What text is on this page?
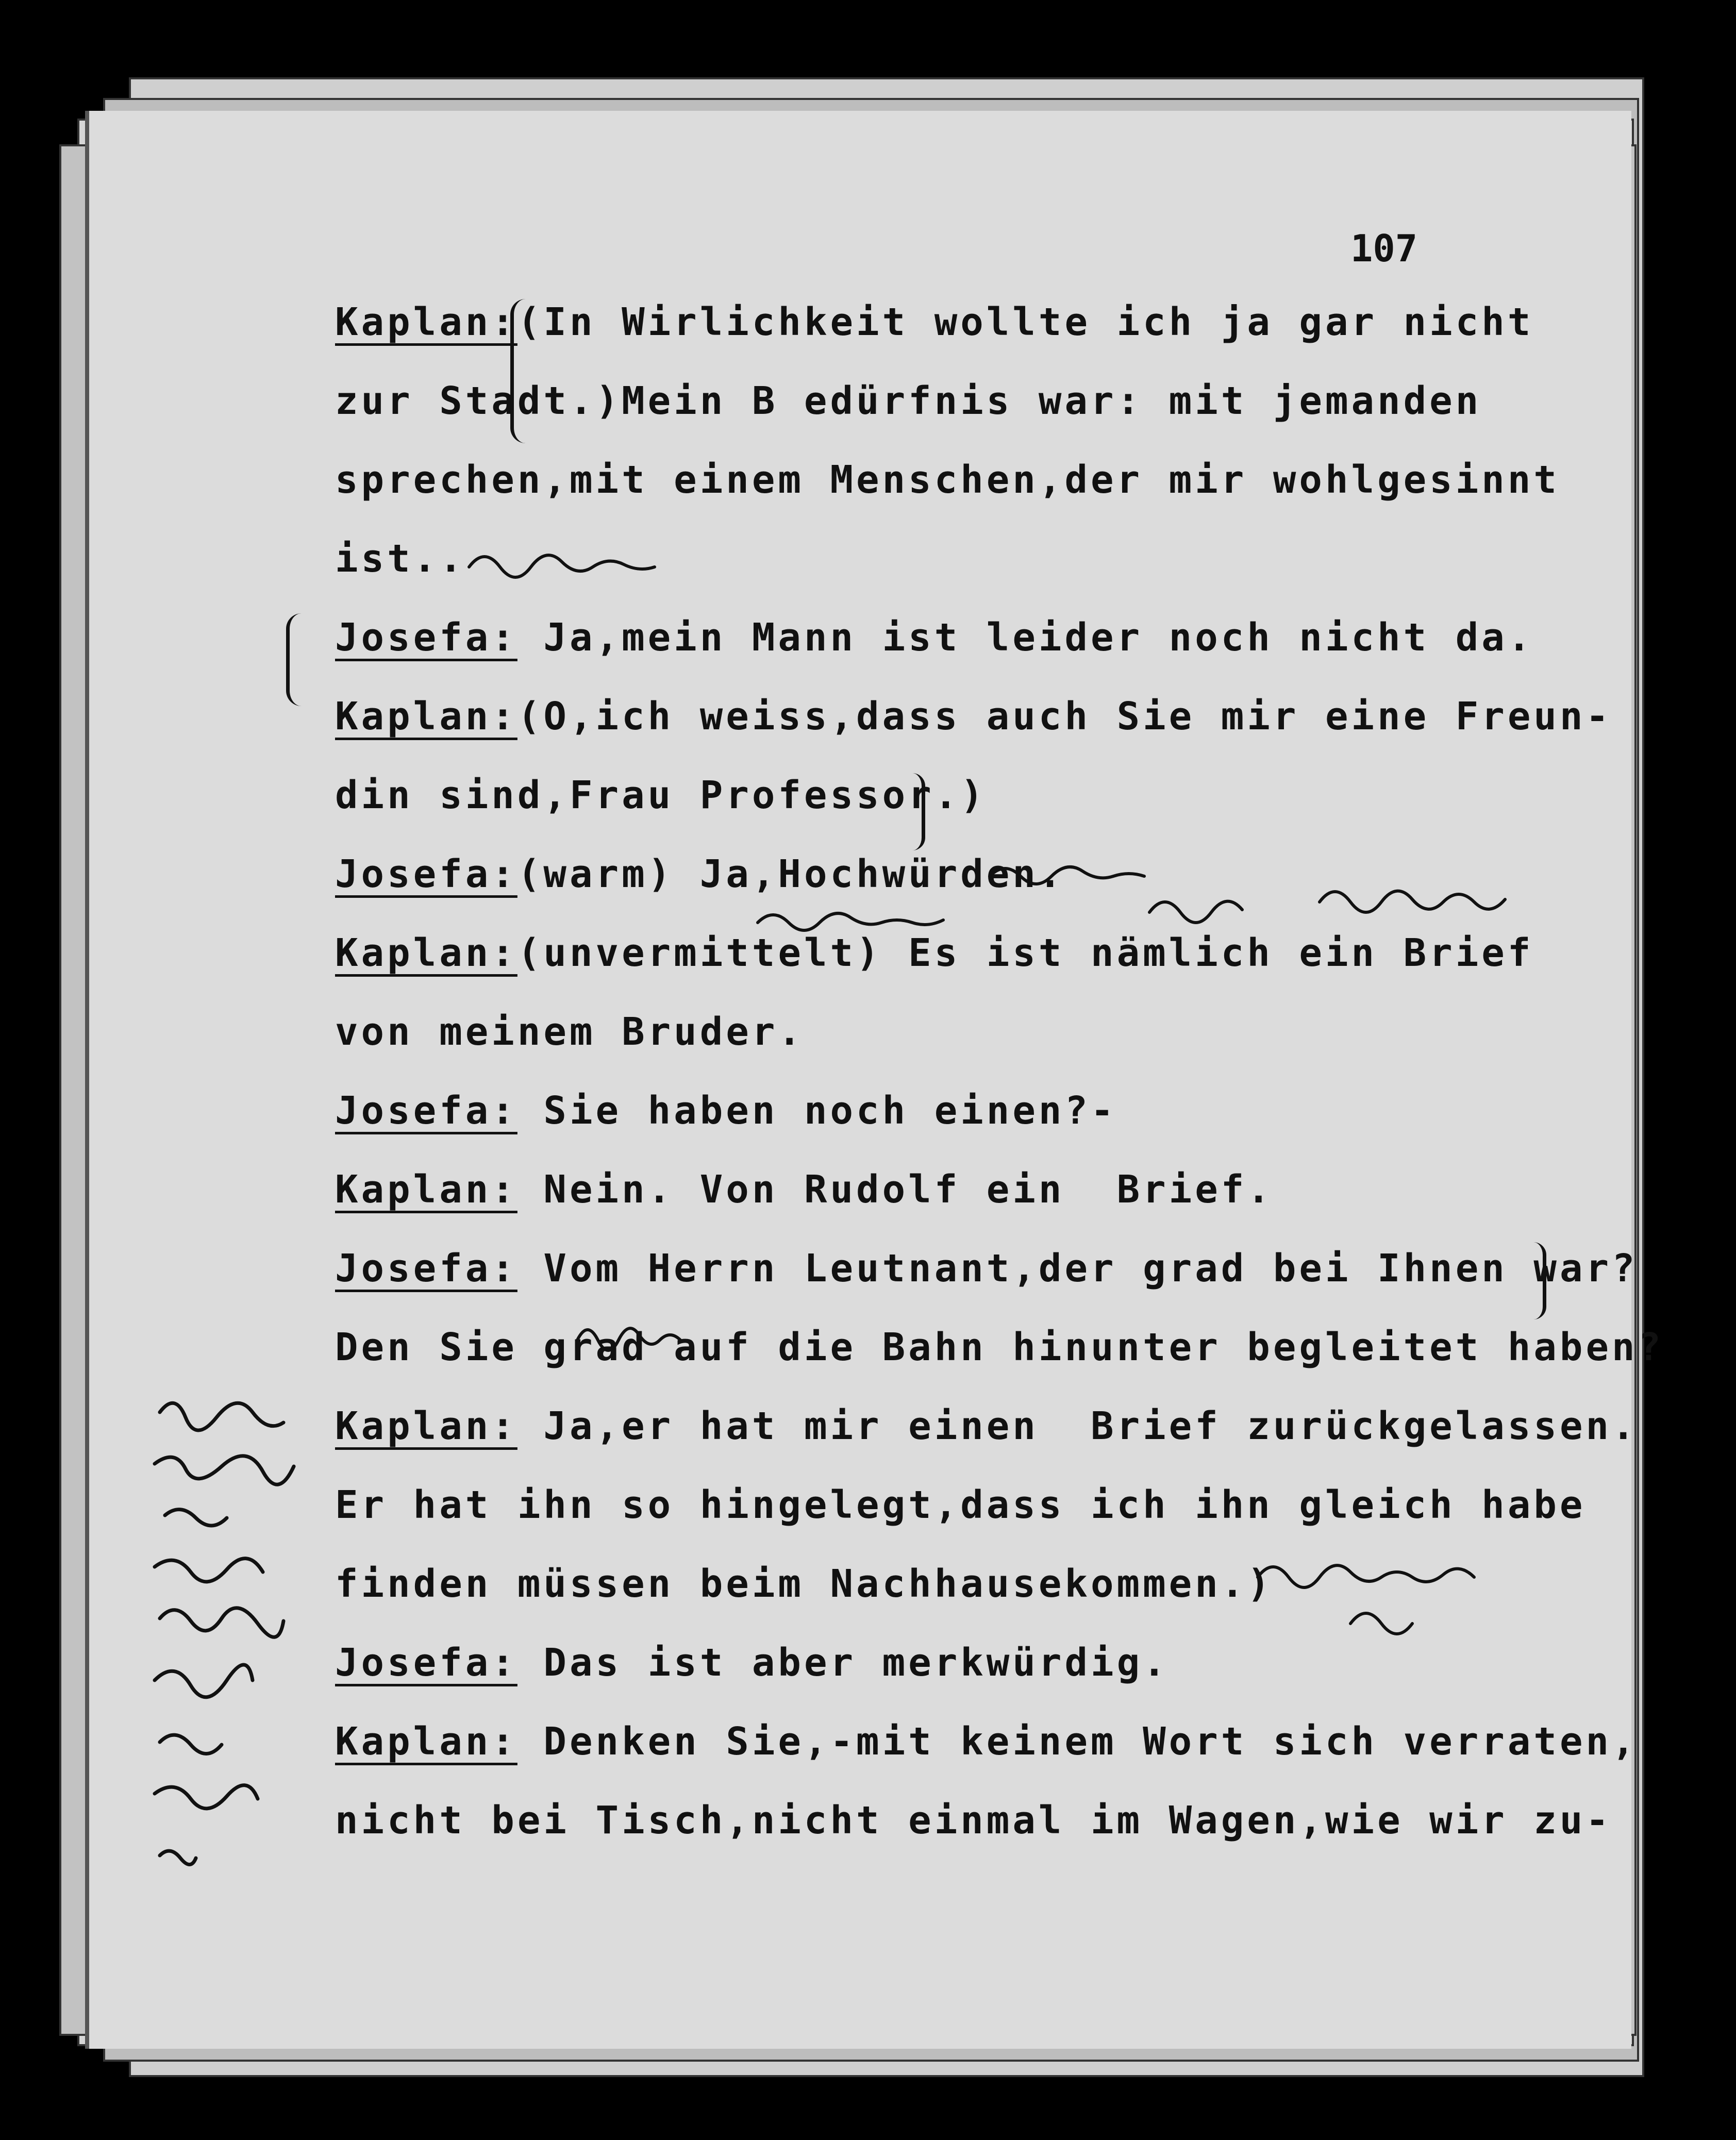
107
Kaplan:(In Wirlichkeit wollte ich ja gar nicht
zur Stadt.)Mein B edürfnis war: mit jemanden
sprechen,mit einem Menschen,der mir wohlgesinnt
ist..
Josefa: Ja,mein Mann ist leider noch nicht da.
Kaplan:(O,ich weiss,dass auch Sie mir eine Freun-
din sind,Frau Professor.)
Josefa:(warm) Ja,Hochwürden.
Kaplan:(unvermittelt) Es ist nämlich ein Brief
von meinem Bruder.
Josefa: Sie haben noch einen?-
Kaplan: Nein. Von Rudolf ein  Brief.
Josefa: Vom Herrn Leutnant,der grad bei Ihnen war?
Den Sie grad auf die Bahn hinunter begleitet haben?
Kaplan: Ja,er hat mir einen  Brief zurückgelassen.
Er hat ihn so hingelegt,dass ich ihn gleich habe
finden müssen beim Nachhausekommen.)
Josefa: Das ist aber merkwürdig.
Kaplan: Denken Sie,-mit keinem Wort sich verraten,
nicht bei Tisch,nicht einmal im Wagen,wie wir zu-
